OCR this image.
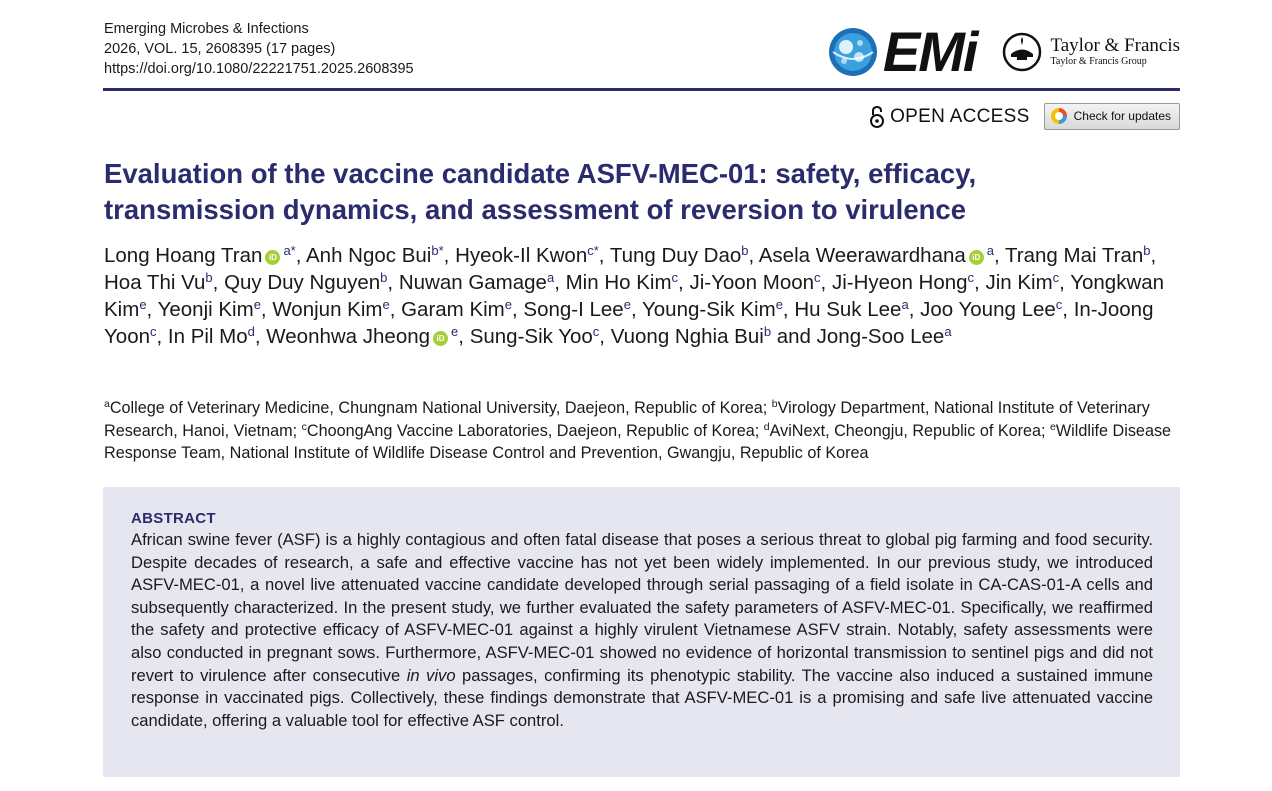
Emerging Microbes & Infections
2026, VOL. 15, 2608395 (17 pages)
https://doi.org/10.1080/22221751.2025.2608395	EMi	Taylor & Francis
Taylor & Francis Group
OPEN ACCESS	Check for updates
Evaluation of the vaccine candidate ASFV-MEC-01: safety, efficacy, transmission dynamics, and assessment of reversion to virulence
Long Hoang Tran iD $^{a*}$, Anh Ngoc Bui$^{b*}$, Hyeok-Il Kwon$^{c*}$, Tung Duy Dao$^b$, Asela Weerawardhana iD $^a$, Trang Mai Tran$^b$, Hoa Thi Vu$^b$, Quy Duy Nguyen$^b$, Nuwan Gamage$^a$, Min Ho Kim$^c$, Ji-Yoon Moon$^c$, Ji-Hyeon Hong$^c$, Jin Kim$^c$, Yongkwan Kim$^e$, Yeonji Kim$^e$, Wonjun Kim$^e$, Garam Kim$^e$, Song-I Lee$^e$, Young-Sik Kim$^e$, Hu Suk Lee$^a$, Joo Young Lee$^c$, In-Joong Yoon$^c$, In Pil Mo$^d$, Weonhwa Jheong iD $^e$, Sung-Sik Yoo$^c$, Vuong Nghia Bui$^b$ and Jong-Soo Lee$^a$
$^a$College of Veterinary Medicine, Chungnam National University, Daejeon, Republic of Korea; $^b$Virology Department, National Institute of Veterinary Research, Hanoi, Vietnam; $^c$ChoongAng Vaccine Laboratories, Daejeon, Republic of Korea; $^d$AviNext, Cheongju, Republic of Korea; $^e$Wildlife Disease Response Team, National Institute of Wildlife Disease Control and Prevention, Gwangju, Republic of Korea
ABSTRACT

African swine fever (ASF) is a highly contagious and often fatal disease that poses a serious threat to global pig farming and food security. Despite decades of research, a safe and effective vaccine has not yet been widely implemented. In our previous study, we introduced ASFV-MEC-01, a novel live attenuated vaccine candidate developed through serial passaging of a field isolate in CA-CAS-01-A cells and subsequently characterized. In the present study, we further evaluated the safety parameters of ASFV-MEC-01. Specifically, we reaffirmed the safety and protective efficacy of ASFV-MEC-01 against a highly virulent Vietnamese ASFV strain. Notably, safety assessments were also conducted in pregnant sows. Furthermore, ASFV-MEC-01 showed no evidence of horizontal transmission to sentinel pigs and did not revert to virulence after consecutive in vivo passages, confirming its phenotypic stability. The vaccine also induced a sustained immune response in vaccinated pigs. Collectively, these findings demonstrate that ASFV-MEC-01 is a promising and safe live attenuated vaccine candidate, offering a valuable tool for effective ASF control.
